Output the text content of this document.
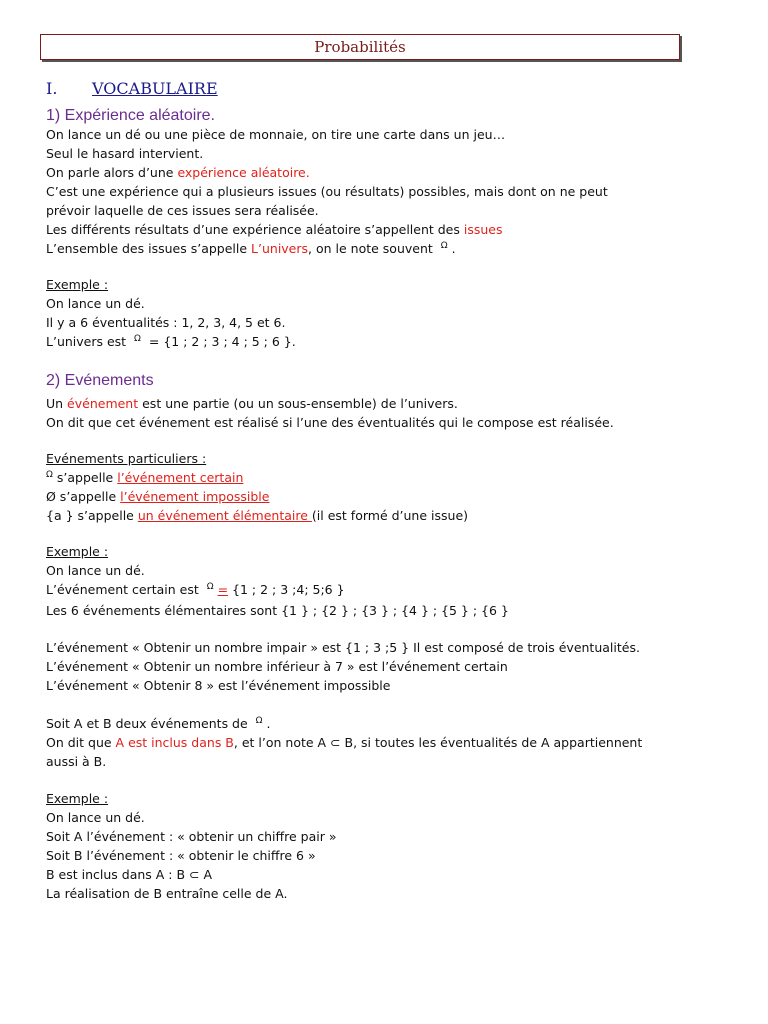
Probabilités
I. VOCABULAIRE
1) Expérience aléatoire.
On lance un dé ou une pièce de monnaie, on tire une carte dans un jeu…
Seul le hasard intervient.
On parle alors d’une expérience aléatoire.
C’est une expérience qui a plusieurs issues (ou résultats) possibles, mais dont on ne peut
prévoir laquelle de ces issues sera réalisée.
Les différents résultats d’une expérience aléatoire s’appellent des issues
L’ensemble des issues s’appelle L’univers, on le note souvent $^\Omega$ .
Exemple :
On lance un dé.
Il y a 6 éventualités : 1, 2, 3, 4, 5 et 6.
L’univers est $^\Omega$ = {1 ; 2 ; 3 ; 4 ; 5 ; 6 }.
2) Evénements
Un événement est une partie (ou un sous-ensemble) de l’univers.
On dit que cet événement est réalisé si l’une des éventualités qui le compose est réalisée.
Evénements particuliers :
$^\Omega$ s’appelle l’événement certain
Ø s’appelle l’événement impossible
{a } s’appelle un événement élémentaire (il est formé d’une issue)
Exemple :
On lance un dé.
L’événement certain est $^\Omega$ = {1 ; 2 ; 3 ;4; 5;6 }
Les 6 événements élémentaires sont {1 } ; {2 } ; {3 } ; {4 } ; {5 } ; {6 }
L’événement « Obtenir un nombre impair » est {1 ; 3 ;5 } Il est composé de trois éventualités.
L’événement « Obtenir un nombre inférieur à 7 » est l’événement certain
L’événement « Obtenir 8 » est l’événement impossible
Soit A et B deux événements de $^\Omega$ .
On dit que A est inclus dans B, et l’on note A ⊂ B, si toutes les éventualités de A appartiennent
aussi à B.
Exemple :
On lance un dé.
Soit A l’événement : « obtenir un chiffre pair »
Soit B l’événement : « obtenir le chiffre 6 »
B est inclus dans A : B ⊂ A
La réalisation de B entraîne celle de A.
